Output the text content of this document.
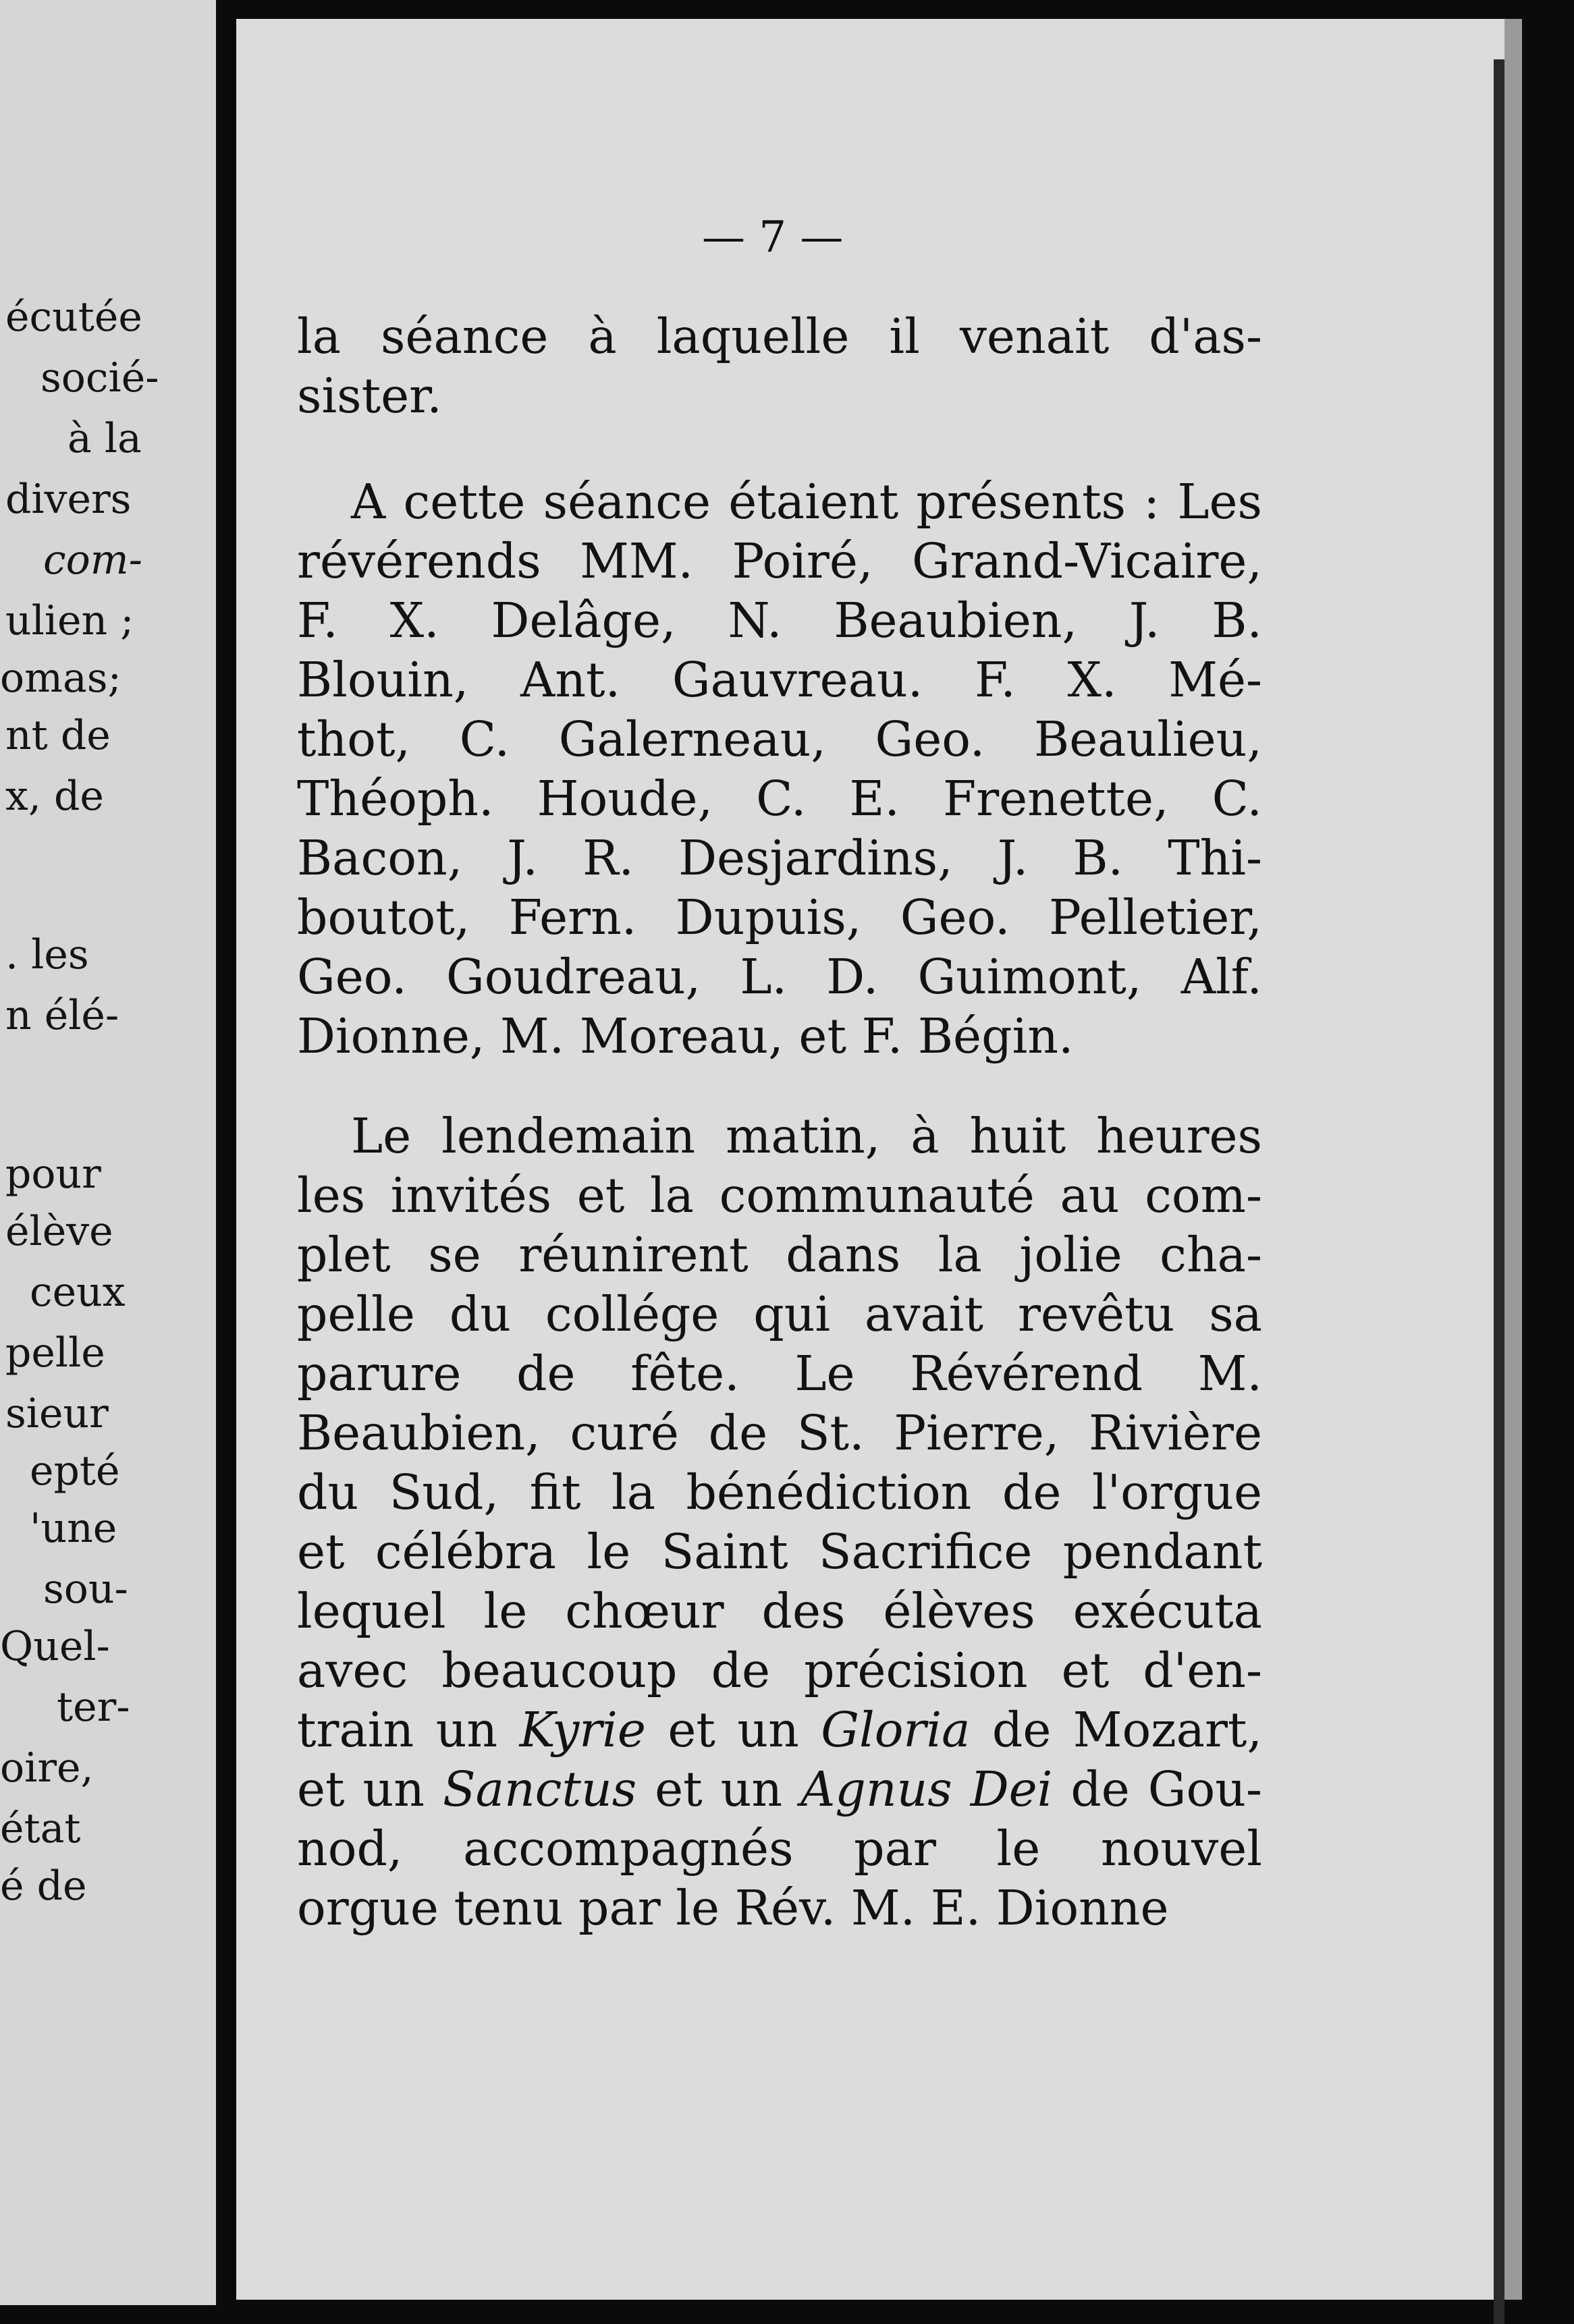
écutée
socié-
à la
divers
com-
ulien ;
omas;
nt de
x, de
. les
n élé-
pour
élève
ceux
pelle
sieur
epté
'une
sou-
Quel-
ter-
oire,
état
é de
— 7 —
la séance à laquelle il venait d'as-
sister.
A cette séance étaient présents : Les
révérends MM. Poiré, Grand-Vicaire,
F. X. Delâge, N. Beaubien, J. B.
Blouin, Ant. Gauvreau. F. X. Mé-
thot, C. Galerneau, Geo. Beaulieu,
Théoph. Houde, C. E. Frenette, C.
Bacon, J. R. Desjardins, J. B. Thi-
boutot, Fern. Dupuis, Geo. Pelletier,
Geo. Goudreau, L. D. Guimont, Alf.
Dionne, M. Moreau, et F. Bégin.
Le lendemain matin, à huit heures
les invités et la communauté au com-
plet se réunirent dans la jolie cha-
pelle du collége qui avait revêtu sa
parure de fête. Le Révérend M.
Beaubien, curé de St. Pierre, Rivière
du Sud, fit la bénédiction de l'orgue
et célébra le Saint Sacrifice pendant
lequel le chœur des élèves exécuta
avec beaucoup de précision et d'en-
train un Kyrie et un Gloria de Mozart,
et un Sanctus et un Agnus Dei de Gou-
nod, accompagnés par le nouvel
orgue tenu par le Rév. M. E. Dionne
